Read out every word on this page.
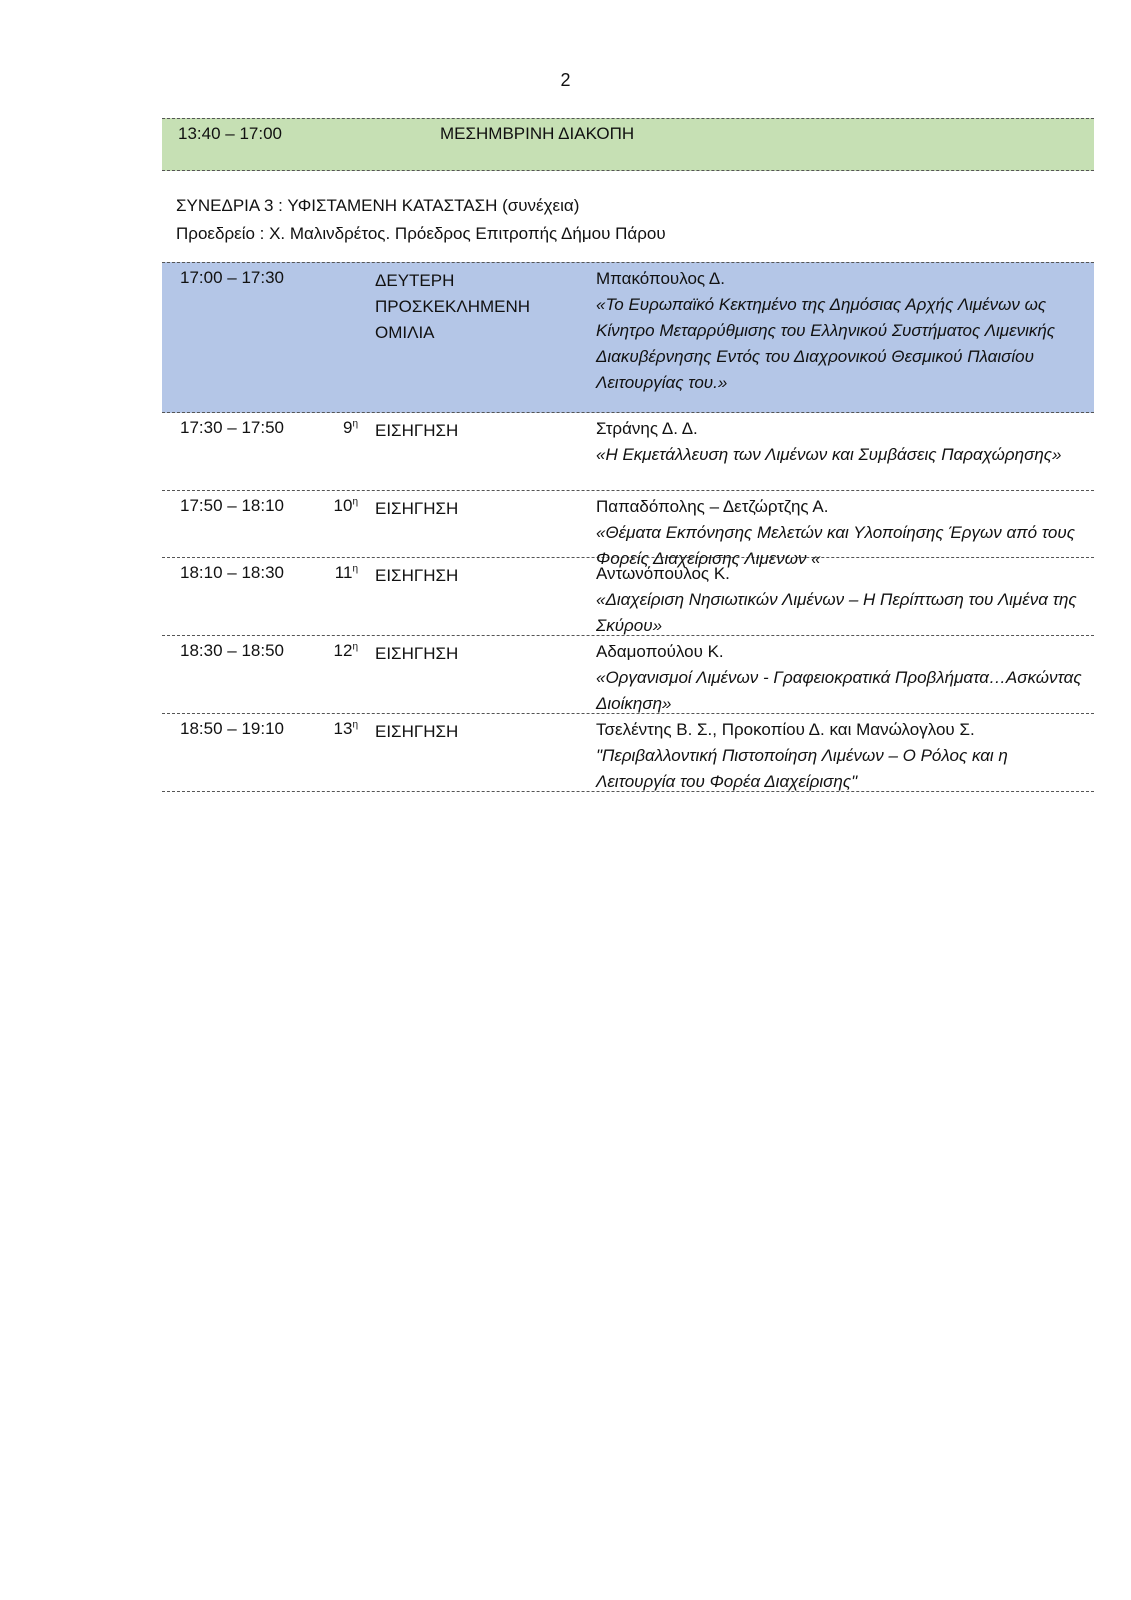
2
13:40 – 17:00	ΜΕΣΗΜΒΡΙΝΗ ΔΙΑΚΟΠΗ
ΣΥΝΕΔΡΙΑ 3 : ΥΦΙΣΤΑΜΕΝΗ ΚΑΤΑΣΤΑΣΗ (συνέχεια)
Προεδρείο : Χ. Μαλινδρέτος. Πρόεδρος Επιτροπής Δήμου Πάρου
17:00 – 17:30	ΔΕΥΤΕΡΗ ΠΡΟΣΚΕΚΛΗΜΕΝΗ ΟΜΙΛΙΑ
Μπακόπουλος Δ.
«Το Ευρωπαϊκό Κεκτημένο της Δημόσιας Αρχής Λιμένων ως Κίνητρο Μεταρρύθμισης του Ελληνικού Συστήματος Λιμενικής Διακυβέρνησης Εντός του Διαχρονικού Θεσμικού Πλαισίου Λειτουργίας του.»
17:30 – 17:50	$9^\eta$ ΕΙΣΗΓΗΣΗ	Στράνης Δ. Δ.
«Η Εκμετάλλευση των Λιμένων και Συμβάσεις Παραχώρησης»
17:50 – 18:10	$10^\eta$ ΕΙΣΗΓΗΣΗ	Παπαδόπολης – Δετζώρτζης Α.
«Θέματα Εκπόνησης Μελετών και Υλοποίησης Έργων από τους Φορείς Διαχείρισης Λιμενων «
18:10 – 18:30	$11^\eta$ ΕΙΣΗΓΗΣΗ	Αντωνόπουλος Κ.
«Διαχείριση Νησιωτικών Λιμένων – Η Περίπτωση του Λιμένα της Σκύρου»
18:30 – 18:50	$12^\eta$ ΕΙΣΗΓΗΣΗ	Αδαμοπούλου Κ.
«Οργανισμοί Λιμένων - Γραφειοκρατικά Προβλήματα…Ασκώντας Διοίκηση»
18:50 – 19:10	$13^\eta$ ΕΙΣΗΓΗΣΗ	Τσελέντης Β. Σ., Προκοπίου Δ. και Μανώλογλου Σ.
"Περιβαλλοντική Πιστοποίηση Λιμένων – Ο Ρόλος και η Λειτουργία του Φορέα Διαχείρισης"
